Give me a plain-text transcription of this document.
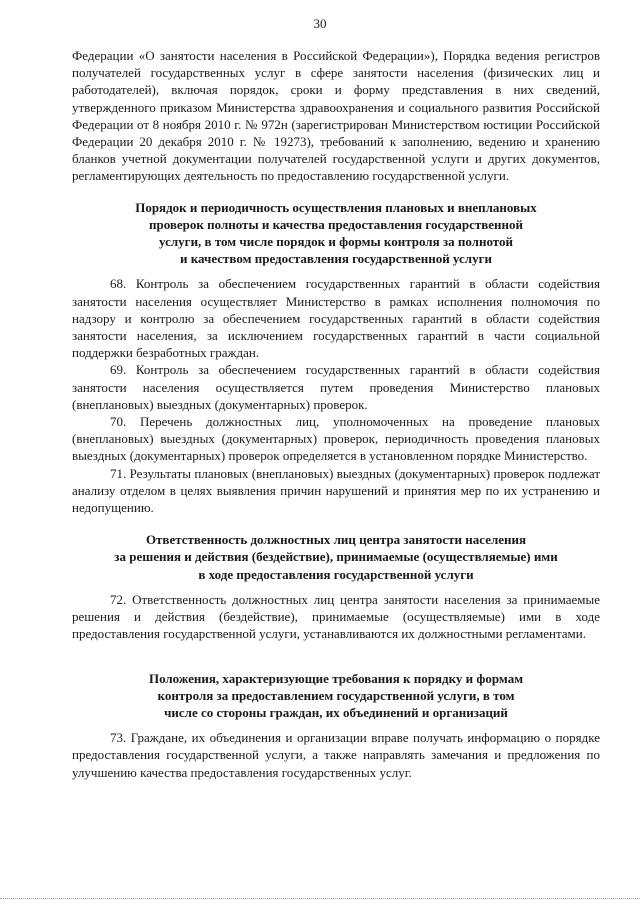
30

Федерации «О занятости населения в Российской Федерации»), Порядка ведения регистров получателей государственных услуг в сфере занятости населения (физических лиц и работодателей), включая порядок, сроки и форму представления в них сведений, утвержденного приказом Министерства здравоохранения и социального развития Российской Федерации от 8 ноября 2010 г. № 972н (зарегистрирован Министерством юстиции Российской Федерации 20 декабря 2010 г. № 19273), требований к заполнению, ведению и хранению бланков учетной документации получателей государственной услуги и других документов, регламентирующих деятельность по предоставлению государственной услуги.

Порядок и периодичность осуществления плановых и внеплановых
проверок полноты и качества предоставления государственной
услуги, в том числе порядок и формы контроля за полнотой
и качеством предоставления государственной услуги

68. Контроль за обеспечением государственных гарантий в области содействия занятости населения осуществляет Министерство в рамках исполнения полномочия по надзору и контролю за обеспечением государственных гарантий в области содействия занятости населения, за исключением государственных гарантий в части социальной поддержки безработных граждан.

69. Контроль за обеспечением государственных гарантий в области содействия занятости населения осуществляется путем проведения Министерство плановых (внеплановых) выездных (документарных) проверок.

70. Перечень должностных лиц, уполномоченных на проведение плановых (внеплановых) выездных (документарных) проверок, периодичность проведения плановых выездных (документарных) проверок определяется в установленном порядке Министерство.

71. Результаты плановых (внеплановых) выездных (документарных) проверок подлежат анализу отделом в целях выявления причин нарушений и принятия мер по их устранению и недопущению.

Ответственность должностных лиц центра занятости населения
за решения и действия (бездействие), принимаемые (осуществляемые) ими
в ходе предоставления государственной услуги

72. Ответственность должностных лиц центра занятости населения за принимаемые решения и действия (бездействие), принимаемые (осуществляемые) ими в ходе предоставления государственной услуги, устанавливаются их должностными регламентами.

Положения, характеризующие требования к порядку и формам
контроля за предоставлением государственной услуги, в том
числе со стороны граждан, их объединений и организаций

73. Граждане, их объединения и организации вправе получать информацию о порядке предоставления государственной услуги, а также направлять замечания и предложения по улучшению качества предоставления государственных услуг.
